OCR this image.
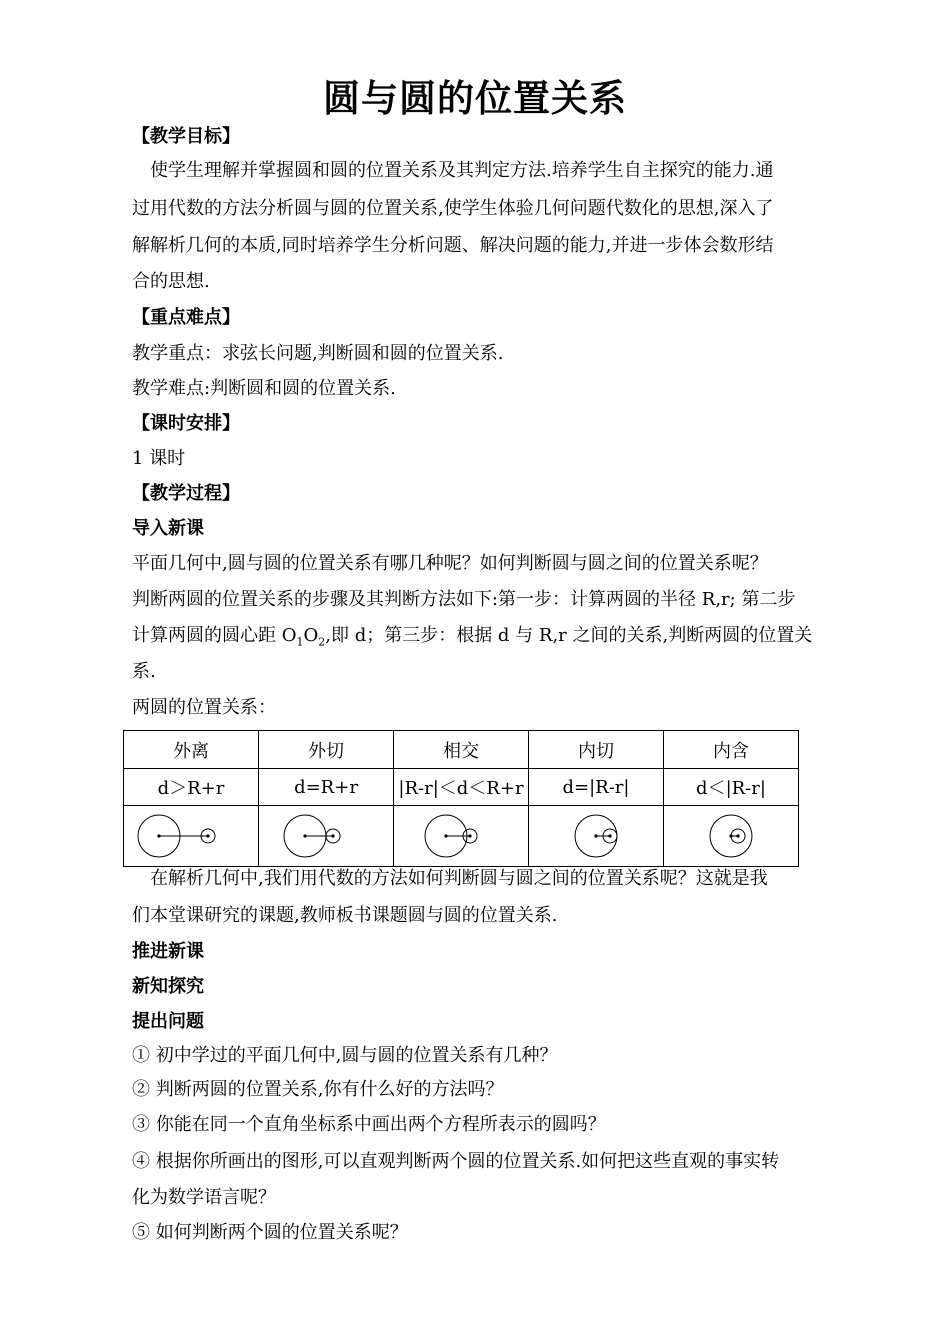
圆与圆的位置关系
【教学目标】
使学生理解并掌握圆和圆的位置关系及其判定方法.培养学生自主探究的能力.通
过用代数的方法分析圆与圆的位置关系,使学生体验几何问题代数化的思想,深入了
解解析几何的本质,同时培养学生分析问题、解决问题的能力,并进一步体会数形结
合的思想.
【重点难点】
教学重点：求弦长问题,判断圆和圆的位置关系.
教学难点:判断圆和圆的位置关系.
【课时安排】
1 课时
【教学过程】
导入新课
平面几何中,圆与圆的位置关系有哪几种呢？如何判断圆与圆之间的位置关系呢？
判断两圆的位置关系的步骤及其判断方法如下:第一步：计算两圆的半径 R,r; 第二步
计算两圆的圆心距 $O_1O_2$,即 d；第三步：根据 d 与 R,r 之间的关系,判断两圆的位置关
系.
两圆的位置关系：
外离	外切	相交	内切	内含
d＞R+r	d=R+r	|R-r|＜d＜R+r	d=|R-r|	d＜|R-r|

在解析几何中,我们用代数的方法如何判断圆与圆之间的位置关系呢？这就是我
们本堂课研究的课题,教师板书课题圆与圆的位置关系.
推进新课
新知探究
提出问题
① 初中学过的平面几何中,圆与圆的位置关系有几种？
② 判断两圆的位置关系,你有什么好的方法吗？
③ 你能在同一个直角坐标系中画出两个方程所表示的圆吗？
④ 根据你所画出的图形,可以直观判断两个圆的位置关系.如何把这些直观的事实转
化为数学语言呢？
⑤ 如何判断两个圆的位置关系呢？
